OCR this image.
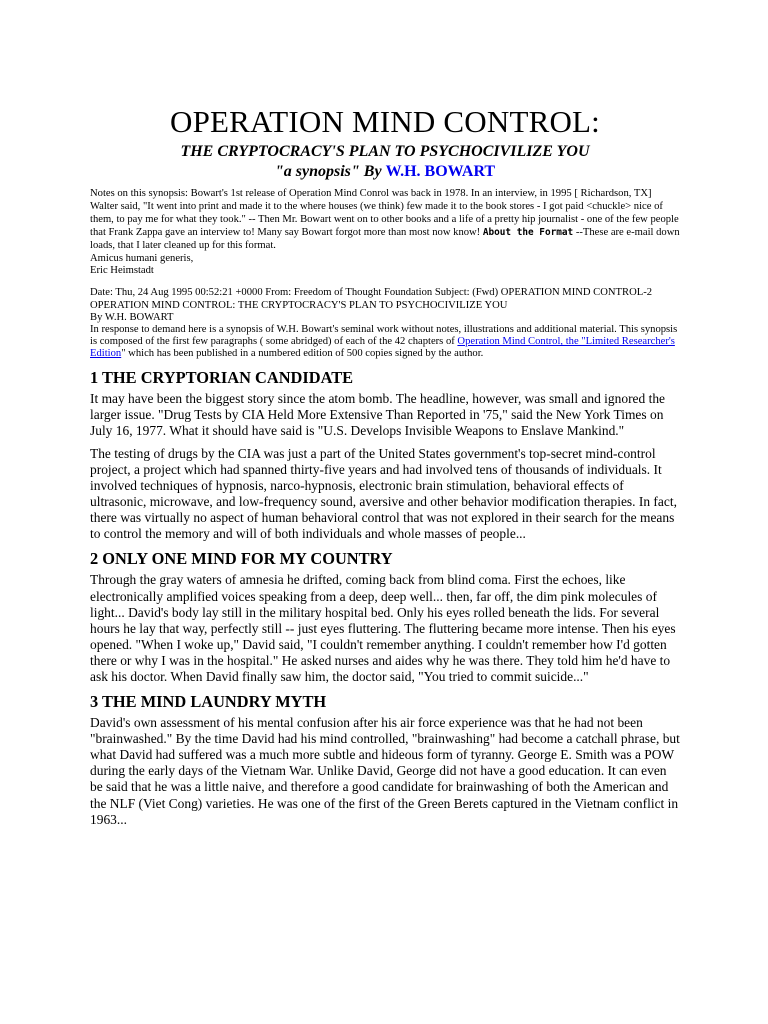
OPERATION MIND CONTROL:
THE CRYPTOCRACY'S PLAN TO PSYCHOCIVILIZE YOU
"a synopsis" By W.H. BOWART

Notes on this synopsis: Bowart's 1st release of Operation Mind Conrol was back in 1978. In an interview, in 1995 [ Richardson, TX] Walter said, "It went into print and made it to the where houses (we think) few made it to the book stores - I got paid <chuckle> nice of them, to pay me for what they took." -- Then Mr. Bowart went on to other books and a life of a pretty hip journalist - one of the few people that Frank Zappa gave an interview to! Many say Bowart forgot more than most now know! About the Format --These are e-mail down loads, that I later cleaned up for this format.

Amicus humani generis,

Eric Heimstadt

Date: Thu, 24 Aug 1995 00:52:21 +0000 From: Freedom of Thought Foundation Subject: (Fwd) OPERATION MIND CONTROL-2

OPERATION MIND CONTROL: THE CRYPTOCRACY'S PLAN TO PSYCHOCIVILIZE YOU

By W.H. BOWART

In response to demand here is a synopsis of W.H. Bowart's seminal work without notes, illustrations and additional material. This synopsis is composed of the first few paragraphs ( some abridged) of each of the 42 chapters of Operation Mind Control, the "Limited Researcher's Edition" which has been published in a numbered edition of 500 copies signed by the author.

1 THE CRYPTORIAN CANDIDATE

It may have been the biggest story since the atom bomb. The headline, however, was small and ignored the larger issue. "Drug Tests by CIA Held More Extensive Than Reported in '75," said the New York Times on July 16, 1977. What it should have said is "U.S. Develops Invisible Weapons to Enslave Mankind."

The testing of drugs by the CIA was just a part of the United States government's top-secret mind-control project, a project which had spanned thirty-five years and had involved tens of thousands of individuals. It involved techniques of hypnosis, narco-hypnosis, electronic brain stimulation, behavioral effects of ultrasonic, microwave, and low-frequency sound, aversive and other behavior modification therapies. In fact, there was virtually no aspect of human behavioral control that was not explored in their search for the means to control the memory and will of both individuals and whole masses of people...

2 ONLY ONE MIND FOR MY COUNTRY

Through the gray waters of amnesia he drifted, coming back from blind coma. First the echoes, like electronically amplified voices speaking from a deep, deep well... then, far off, the dim pink molecules of light... David's body lay still in the military hospital bed. Only his eyes rolled beneath the lids. For several hours he lay that way, perfectly still -- just eyes fluttering. The fluttering became more intense. Then his eyes opened. "When I woke up," David said, "I couldn't remember anything. I couldn't remember how I'd gotten there or why I was in the hospital." He asked nurses and aides why he was there. They told him he'd have to ask his doctor. When David finally saw him, the doctor said, "You tried to commit suicide..."

3 THE MIND LAUNDRY MYTH

David's own assessment of his mental confusion after his air force experience was that he had not been "brainwashed." By the time David had his mind controlled, "brainwashing" had become a catchall phrase, but what David had suffered was a much more subtle and hideous form of tyranny. George E. Smith was a POW during the early days of the Vietnam War. Unlike David, George did not have a good education. It can even be said that he was a little naive, and therefore a good candidate for brainwashing of both the American and the NLF (Viet Cong) varieties. He was one of the first of the Green Berets captured in the Vietnam conflict in 1963...
